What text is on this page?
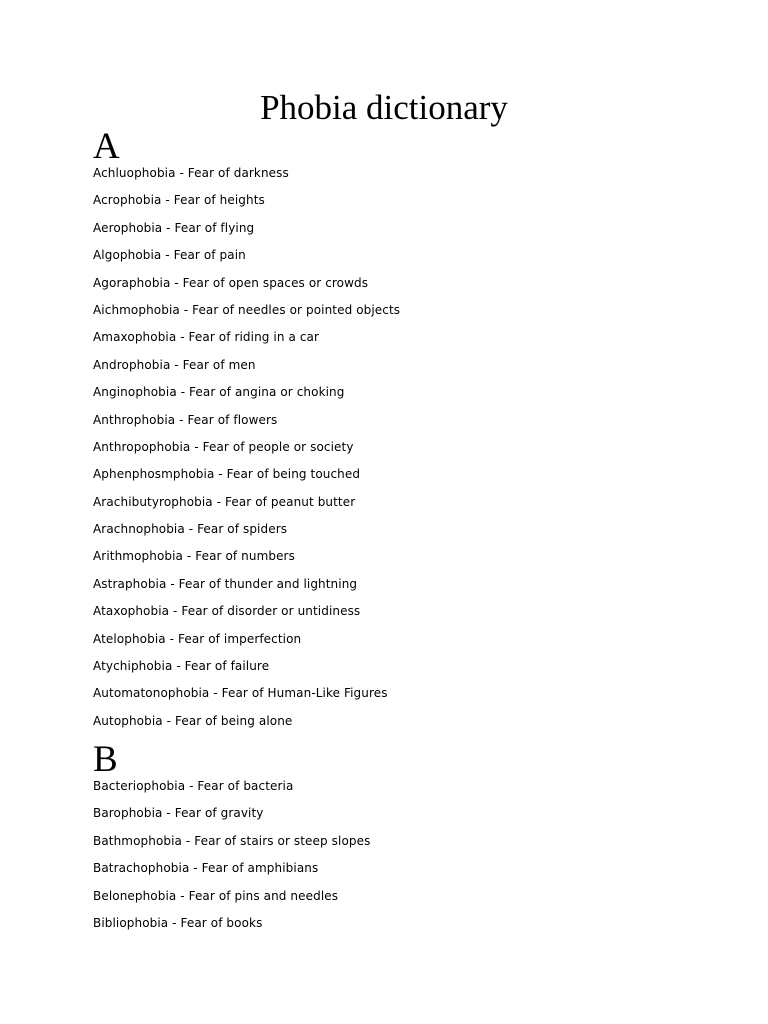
Phobia dictionary
A
Achluophobia - Fear of darkness
Acrophobia - Fear of heights
Aerophobia - Fear of flying
Algophobia - Fear of pain
Agoraphobia - Fear of open spaces or crowds
Aichmophobia - Fear of needles or pointed objects
Amaxophobia - Fear of riding in a car
Androphobia - Fear of men
Anginophobia - Fear of angina or choking
Anthrophobia - Fear of flowers
Anthropophobia - Fear of people or society
Aphenphosmphobia - Fear of being touched
Arachibutyrophobia - Fear of peanut butter
Arachnophobia - Fear of spiders
Arithmophobia - Fear of numbers
Astraphobia - Fear of thunder and lightning
Ataxophobia - Fear of disorder or untidiness
Atelophobia - Fear of imperfection
Atychiphobia - Fear of failure
Automatonophobia - Fear of Human-Like Figures
Autophobia - Fear of being alone
B
Bacteriophobia - Fear of bacteria
Barophobia - Fear of gravity
Bathmophobia - Fear of stairs or steep slopes
Batrachophobia - Fear of amphibians
Belonephobia - Fear of pins and needles
Bibliophobia - Fear of books
